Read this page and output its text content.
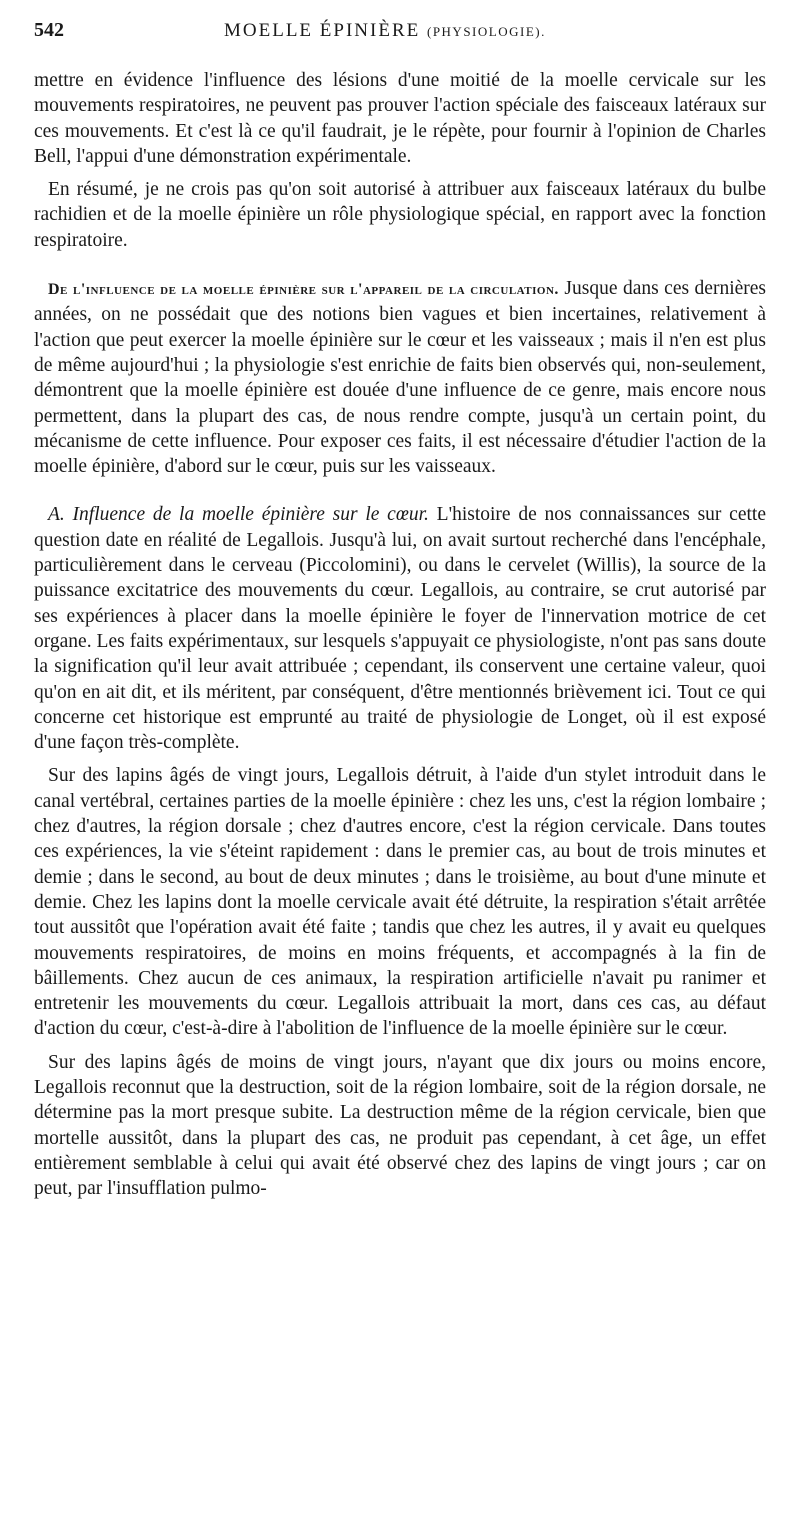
542	MOELLE ÉPINIÈRE (PHYSIOLOGIE).

mettre en évidence l'influence des lésions d'une moitié de la moelle cervicale sur les mouvements respiratoires, ne peuvent pas prouver l'action spéciale des faisceaux latéraux sur ces mouvements. Et c'est là ce qu'il faudrait, je le répète, pour fournir à l'opinion de Charles Bell, l'appui d'une démonstration expérimentale.

En résumé, je ne crois pas qu'on soit autorisé à attribuer aux faisceaux latéraux du bulbe rachidien et de la moelle épinière un rôle physiologique spécial, en rapport avec la fonction respiratoire.

De l'influence de la moelle épinière sur l'appareil de la circulation. Jusque dans ces dernières années, on ne possédait que des notions bien vagues et bien incertaines, relativement à l'action que peut exercer la moelle épinière sur le cœur et les vaisseaux ; mais il n'en est plus de même aujourd'hui ; la physiologie s'est enrichie de faits bien observés qui, non-seulement, démontrent que la moelle épinière est douée d'une influence de ce genre, mais encore nous permettent, dans la plupart des cas, de nous rendre compte, jusqu'à un certain point, du mécanisme de cette influence. Pour exposer ces faits, il est nécessaire d'étudier l'action de la moelle épinière, d'abord sur le cœur, puis sur les vaisseaux.

A. Influence de la moelle épinière sur le cœur. L'histoire de nos connaissances sur cette question date en réalité de Legallois. Jusqu'à lui, on avait surtout recherché dans l'encéphale, particulièrement dans le cerveau (Piccolomini), ou dans le cervelet (Willis), la source de la puissance excitatrice des mouvements du cœur. Legallois, au contraire, se crut autorisé par ses expériences à placer dans la moelle épinière le foyer de l'innervation motrice de cet organe. Les faits expérimentaux, sur lesquels s'appuyait ce physiologiste, n'ont pas sans doute la signification qu'il leur avait attribuée ; cependant, ils conservent une certaine valeur, quoi qu'on en ait dit, et ils méritent, par conséquent, d'être mentionnés brièvement ici. Tout ce qui concerne cet historique est emprunté au traité de physiologie de Longet, où il est exposé d'une façon très-complète.

Sur des lapins âgés de vingt jours, Legallois détruit, à l'aide d'un stylet introduit dans le canal vertébral, certaines parties de la moelle épinière : chez les uns, c'est la région lombaire ; chez d'autres, la région dorsale ; chez d'autres encore, c'est la région cervicale. Dans toutes ces expériences, la vie s'éteint rapidement : dans le premier cas, au bout de trois minutes et demie ; dans le second, au bout de deux minutes ; dans le troisième, au bout d'une minute et demie. Chez les lapins dont la moelle cervicale avait été détruite, la respiration s'était arrêtée tout aussitôt que l'opération avait été faite ; tandis que chez les autres, il y avait eu quelques mouvements respiratoires, de moins en moins fréquents, et accompagnés à la fin de bâillements. Chez aucun de ces animaux, la respiration artificielle n'avait pu ranimer et entretenir les mouvements du cœur. Legallois attribuait la mort, dans ces cas, au défaut d'action du cœur, c'est-à-dire à l'abolition de l'influence de la moelle épinière sur le cœur.

Sur des lapins âgés de moins de vingt jours, n'ayant que dix jours ou moins encore, Legallois reconnut que la destruction, soit de la région lombaire, soit de la région dorsale, ne détermine pas la mort presque subite. La destruction même de la région cervicale, bien que mortelle aussitôt, dans la plupart des cas, ne produit pas cependant, à cet âge, un effet entièrement semblable à celui qui avait été observé chez des lapins de vingt jours ; car on peut, par l'insufflation pulmo-
